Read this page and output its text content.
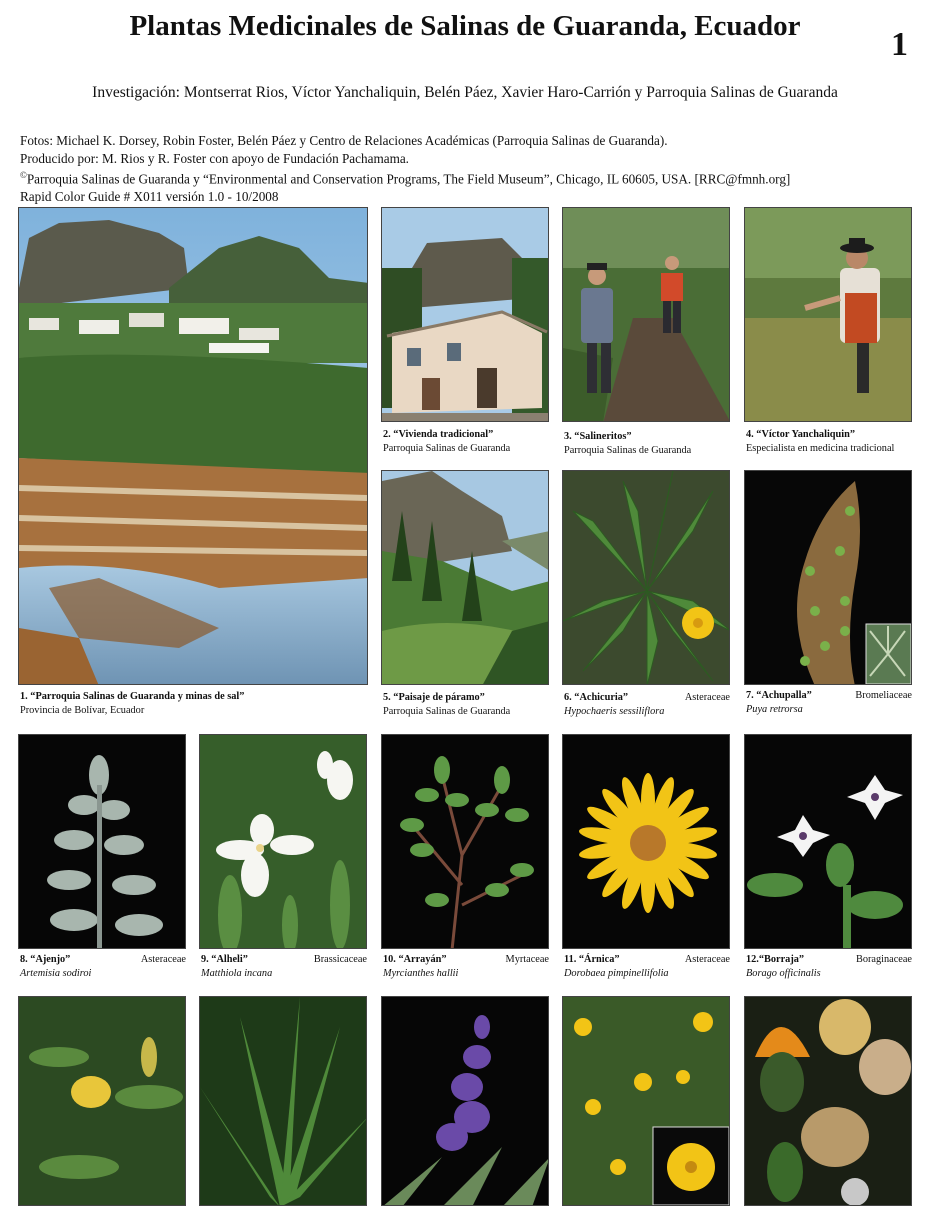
Plantas Medicinales de Salinas de Guaranda, Ecuador	1
Investigación: Montserrat Rios, Víctor Yanchaliquin, Belén Páez, Xavier Haro-Carrión y Parroquia Salinas de Guaranda
Fotos: Michael K. Dorsey, Robin Foster, Belén Páez y Centro de Relaciones Académicas (Parroquia Salinas de Guaranda).
Producido por: M. Rios y R. Foster con apoyo de Fundación Pachamama.
©Parroquia Salinas de Guaranda y “Environmental and Conservation Programs, The Field Museum”, Chicago, IL 60605, USA. [RRC@fmnh.org]
Rapid Color Guide # X011 versión 1.0 - 10/2008
1. “Parroquia Salinas de Guaranda y minas de sal”
Provincia de Bolívar, Ecuador
2. “Vivienda tradicional”
Parroquia Salinas de Guaranda
3. “Salineritos”
Parroquia Salinas de Guaranda
4. “Víctor Yanchaliquin”
Especialista en medicina tradicional
5. “Paisaje de páramo”
Parroquia Salinas de Guaranda
6. “Achicuria”	Asteraceae
Hypochaeris sessiliflora
7. “Achupalla”	Bromeliaceae
Puya retrorsa
8. “Ajenjo”	Asteraceae
Artemisia sodiroi
9. “Alheli”	Brassicaceae
Matthiola incana
10. “Arrayán”	Myrtaceae
Myrcianthes hallii
11. “Árnica”	Asteraceae
Dorobaea pimpinellifolia
12.“Borraja”	Boraginaceae
Borago officinalis
